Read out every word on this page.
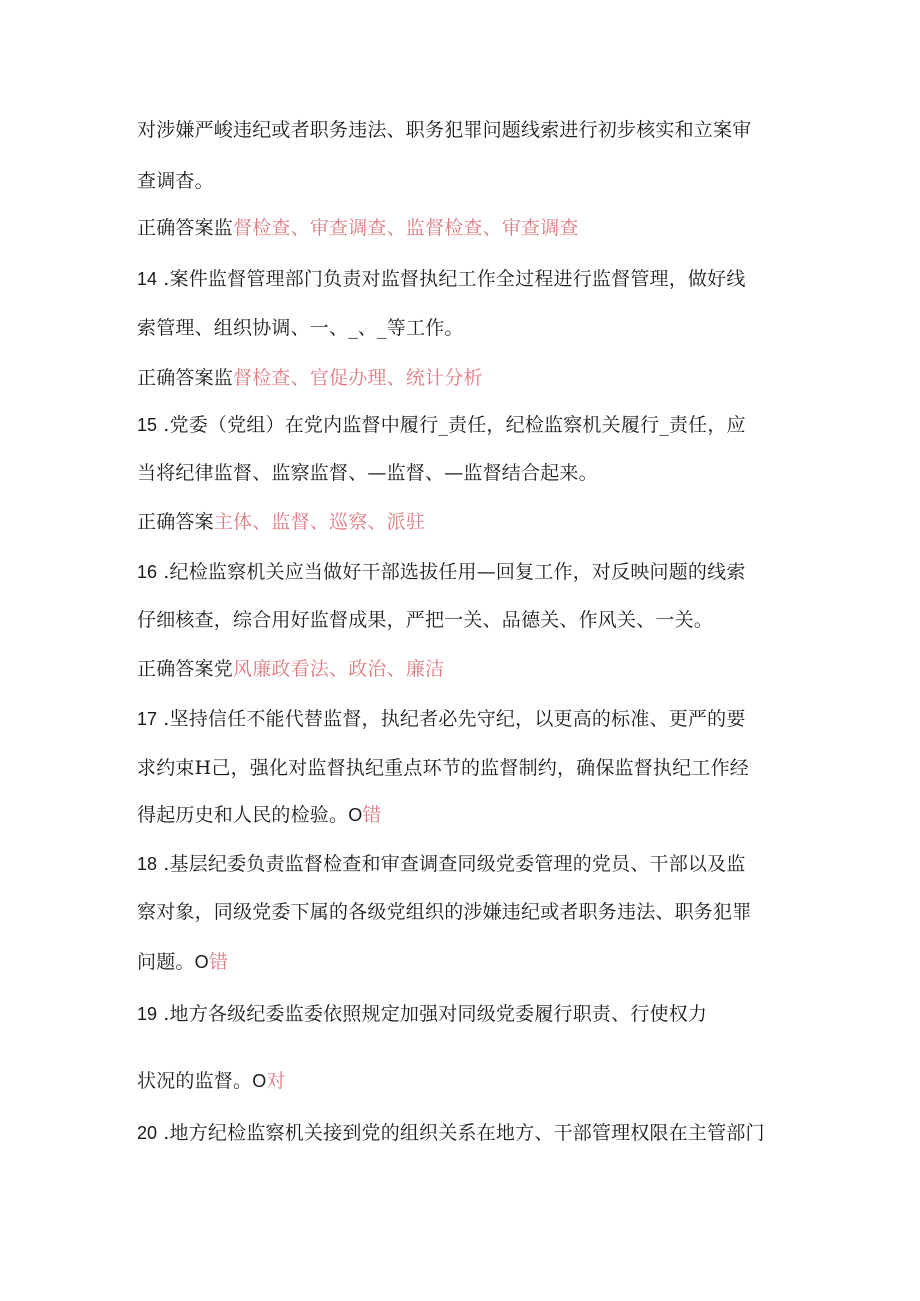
对涉嫌严峻违纪或者职务违法、职务犯罪问题线索进行初步核实和立案审
查调杳。
正确答案监督检查、审查调查、监督检查、审查调查
14 .案件监督管理部门负责对监督执纪工作全过程进行监督管理，做好线
索管理、组织协调、一、_、_等工作。
正确答案监督检查、官促办理、统计分析
15 .党委（党组）在党内监督中履行_责任，纪检监察机关履行_责任，应
当将纪律监督、监察监督、—监督、—监督结合起来。
正确答案主体、监督、巡察、派驻
16 .纪检监察机关应当做好干部选拔任用—回复工作，对反映问题的线索
仔细核查，综合用好监督成果，严把一关、品德关、作风关、一关。
正确答案党风廉政看法、政治、廉洁
17 .坚持信任不能代替监督，执纪者必先守纪，以更高的标准、更严的要
求约束H己，强化对监督执纪重点环节的监督制约，确保监督执纪工作经
得起历史和人民的检验。O错
18 .基层纪委负责监督检查和审查调查同级党委管理的党员、干部以及监
察对象，同级党委下属的各级党组织的涉嫌违纪或者职务违法、职务犯罪
问题。O错
19 .地方各级纪委监委依照规定加强对同级党委履行职责、行使权力
状况的监督。O对
20 .地方纪检监察机关接到党的组织关系在地方、干部管理权限在主管部门
